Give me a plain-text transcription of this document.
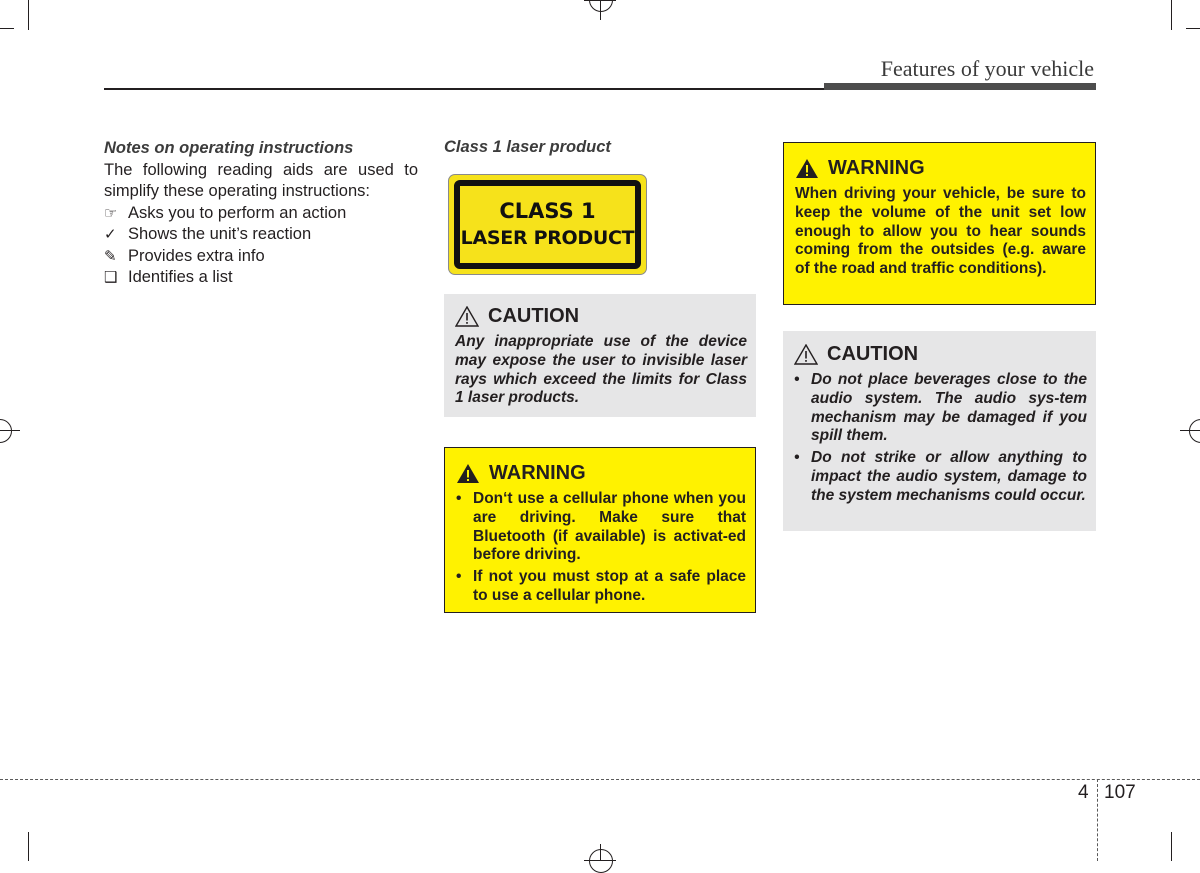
Features of your vehicle
Notes on operating instructions
The following reading aids are used to simplify these operating instructions:
☞ Asks you to perform an action
✓ Shows the unit’s reaction
✎ Provides extra info
❑ Identifies a list
Class 1 laser product
CLASS 1
LASER PRODUCT
CAUTION
Any inappropriate use of the device may expose the user to invisible laser rays which exceed the limits for Class 1 laser products.
WARNING
• Don‘t use a cellular phone when you are driving. Make sure that Bluetooth (if available) is activat-ed before driving.
• If not you must stop at a safe place to use a cellular phone.
WARNING
When driving your vehicle, be sure to keep the volume of the unit set low enough to allow you to hear sounds coming from the outsides (e.g. aware of the road and traffic conditions).
CAUTION
• Do not place beverages close to the audio system. The audio sys-tem mechanism may be damaged if you spill them.
• Do not strike or allow anything to impact the audio system, damage to the system mechanisms could occur.
4 107
